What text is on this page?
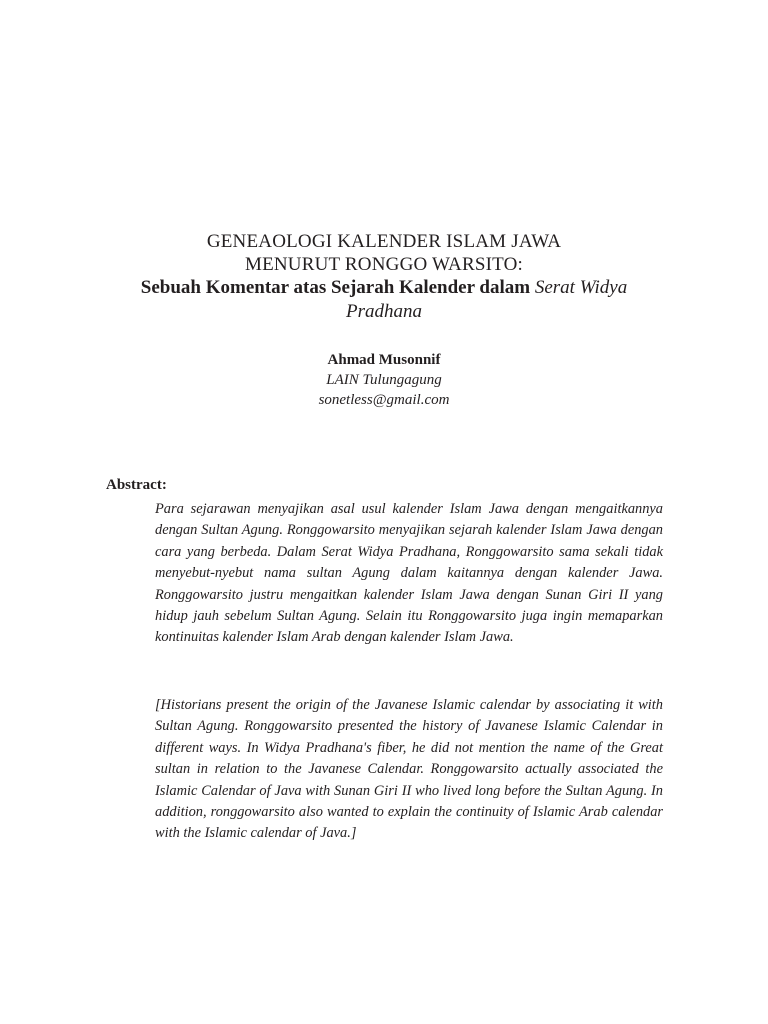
GENEAOLOGI KALENDER ISLAM JAWA
MENURUT RONGGO WARSITO:
Sebuah Komentar atas Sejarah Kalender dalam Serat Widya Pradhana
Ahmad Musonnif
LAIN Tulungagung
sonetless@gmail.com
Abstract:
Para sejarawan menyajikan asal usul kalender Islam Jawa dengan mengaitkannya dengan Sultan Agung. Ronggowarsito menyajikan sejarah kalender Islam Jawa dengan cara yang berbeda. Dalam Serat Widya Pradhana, Ronggowarsito sama sekali tidak menyebut-nyebut nama sultan Agung dalam kaitannya dengan kalender Jawa. Ronggowarsito justru mengaitkan kalender Islam Jawa dengan Sunan Giri II yang hidup jauh sebelum Sultan Agung. Selain itu Ronggowarsito juga ingin memaparkan kontinuitas kalender Islam Arab dengan kalender Islam Jawa.
[Historians present the origin of the Javanese Islamic calendar by associating it with Sultan Agung. Ronggowarsito presented the history of Javanese Islamic Calendar in different ways. In Widya Pradhana's fiber, he did not mention the name of the Great sultan in relation to the Javanese Calendar. Ronggowarsito actually associated the Islamic Calendar of Java with Sunan Giri II who lived long before the Sultan Agung. In addition, ronggowarsito also wanted to explain the continuity of Islamic Arab calendar with the Islamic calendar of Java.]
